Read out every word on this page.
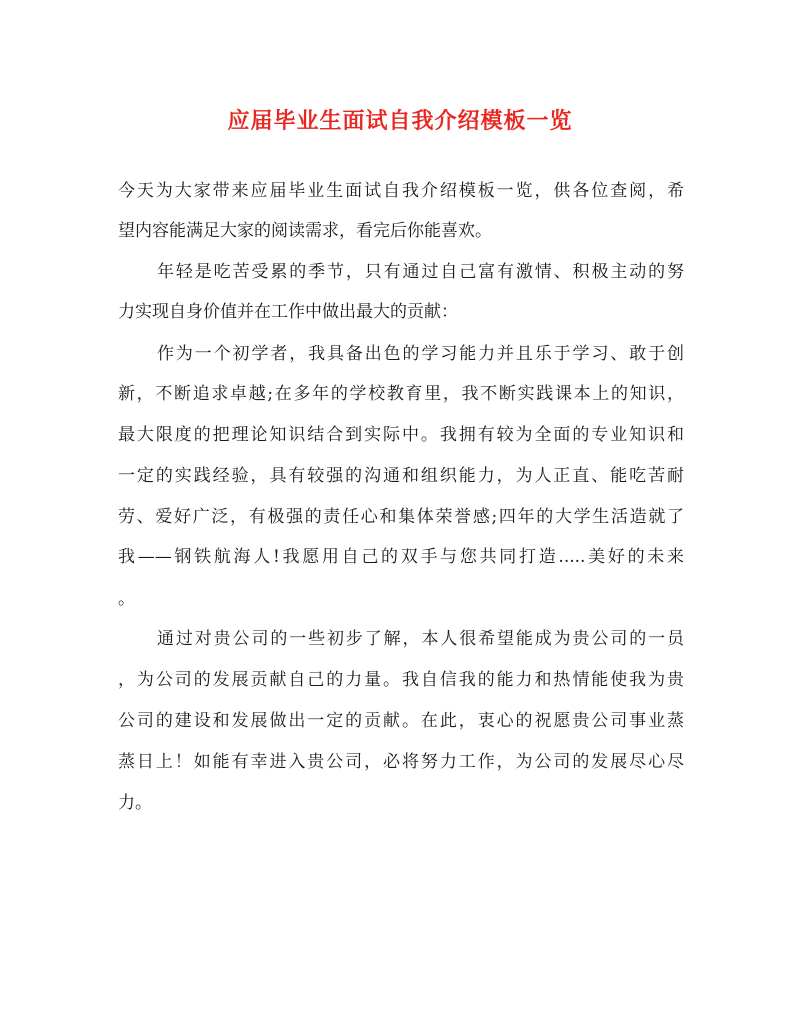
应届毕业生面试自我介绍模板一览

今天为大家带来应届毕业生面试自我介绍模板一览，供各位查阅，希

望内容能满足大家的阅读需求，看完后你能喜欢。

年轻是吃苦受累的季节，只有通过自己富有激情、积极主动的努

力实现自身价值并在工作中做出最大的贡献：

作为一个初学者，我具备出色的学习能力并且乐于学习、敢于创

新，不断追求卓越;在多年的学校教育里，我不断实践课本上的知识，

最大限度的把理论知识结合到实际中。我拥有较为全面的专业知识和

一定的实践经验，具有较强的沟通和组织能力，为人正直、能吃苦耐

劳、爱好广泛，有极强的责任心和集体荣誉感;四年的大学生活造就了

我——钢铁航海人!我愿用自己的双手与您共同打造.....美好的未来

。

通过对贵公司的一些初步了解，本人很希望能成为贵公司的一员

，为公司的发展贡献自己的力量。我自信我的能力和热情能使我为贵

公司的建设和发展做出一定的贡献。在此，衷心的祝愿贵公司事业蒸

蒸日上！如能有幸进入贵公司，必将努力工作，为公司的发展尽心尽

力。
